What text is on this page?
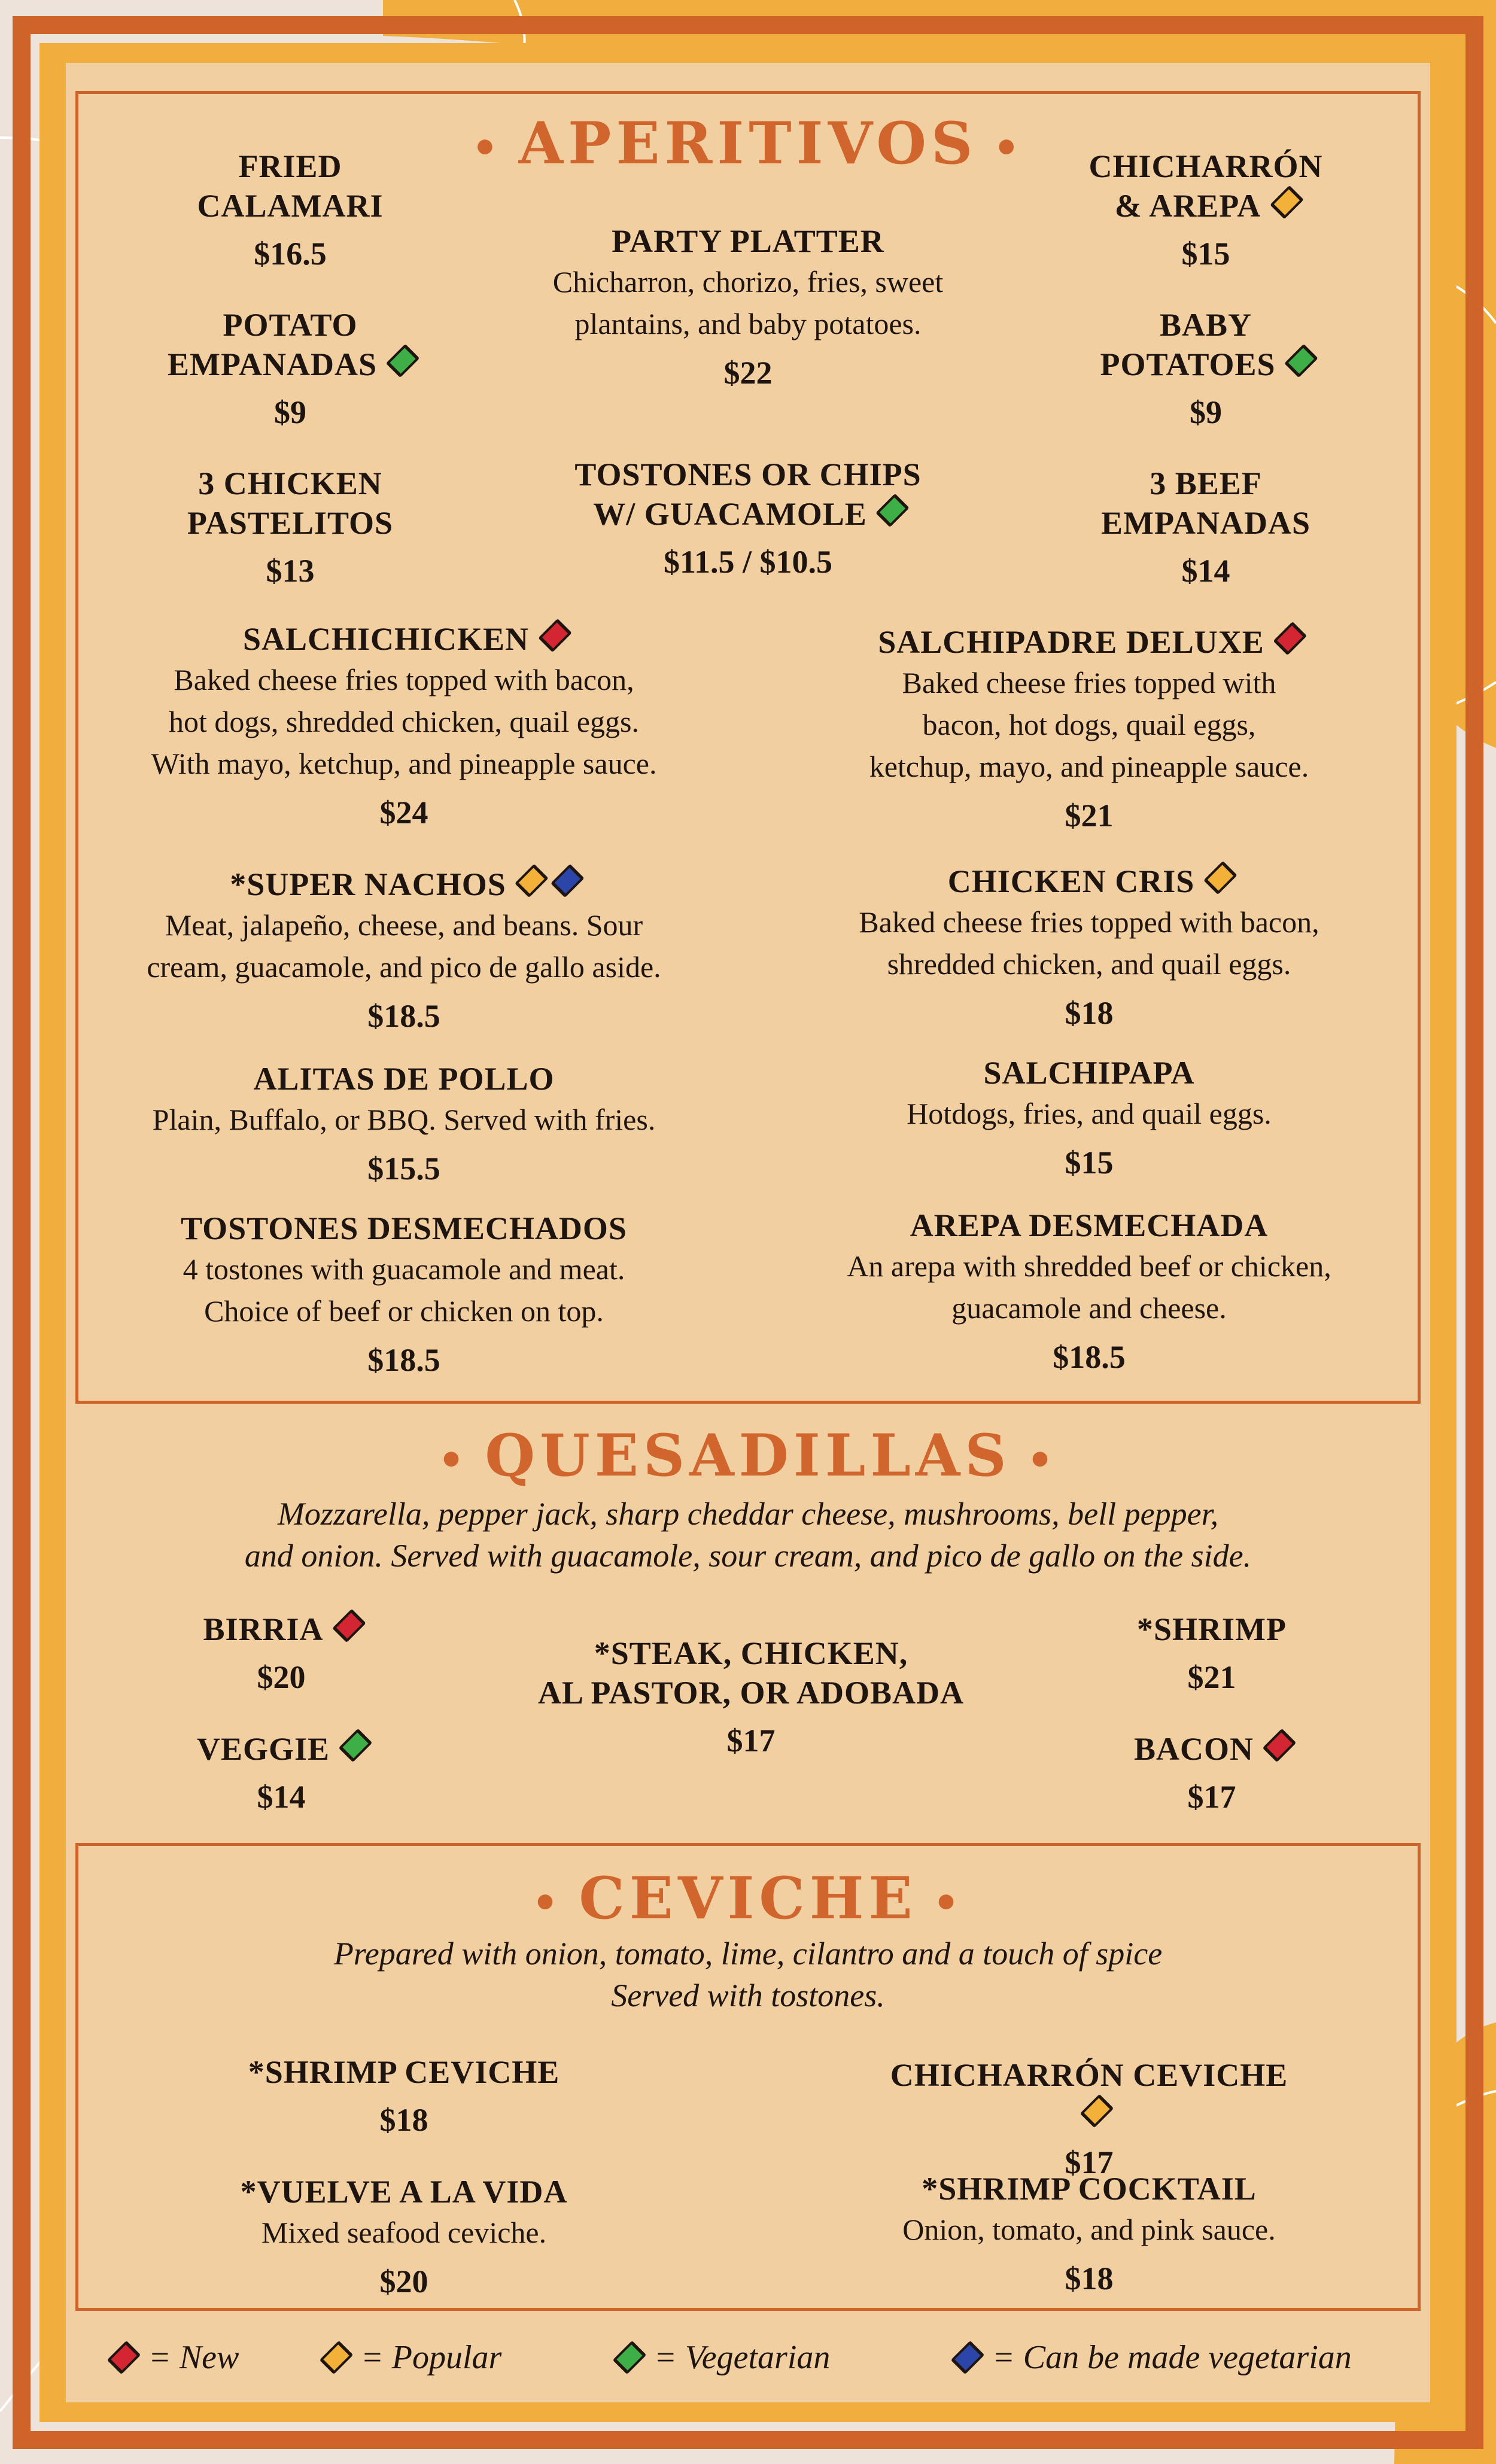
• APERITIVOS •
• QUESADILLAS •
Mozzarella, pepper jack, sharp cheddar cheese, mushrooms, bell pepper,
and onion. Served with guacamole, sour cream, and pico de gallo on the side.
• CEVICHE •
Prepared with onion, tomato, lime, cilantro and a touch of spice
Served with tostones.
FRIED
CALAMARI
$16.5	PARTY PLATTER
Chicharron, chorizo, fries, sweet
plantains, and baby potatoes.
$22
CHICHARRÓN
& AREPA
$15
POTATO
EMPANADAS
$9
BABY
POTATOES
$9
3 CHICKEN
PASTELITOS
$13
TOSTONES OR CHIPS
W/ GUACAMOLE
$11.5 / $10.5
3 BEEF
EMPANADAS
$14
SALCHICHICKEN
Baked cheese fries topped with bacon,
hot dogs, shredded chicken, quail eggs.
With mayo, ketchup, and pineapple sauce.
$24
SALCHIPADRE DELUXE
Baked cheese fries topped with
bacon, hot dogs, quail eggs,
ketchup, mayo, and pineapple sauce.
$21
*SUPER NACHOS
Meat, jalapeño, cheese, and beans. Sour
cream, guacamole, and pico de gallo aside.
$18.5
CHICKEN CRIS
Baked cheese fries topped with bacon,
shredded chicken, and quail eggs.
$18
ALITAS DE POLLO
Plain, Buffalo, or BBQ. Served with fries.
$15.5
SALCHIPAPA
Hotdogs, fries, and quail eggs.
$15
TOSTONES DESMECHADOS
4 tostones with guacamole and meat.
Choice of beef or chicken on top.
$18.5
AREPA DESMECHADA
An arepa with shredded beef or chicken,
guacamole and cheese.
$18.5
BIRRIA
$20
*STEAK, CHICKEN,
AL PASTOR, OR ADOBADA
$17
*SHRIMP
$21
VEGGIE
$14
BACON
$17
*SHRIMP CEVICHE
$18
CHICHARRÓN CEVICHE
$17
*VUELVE A LA VIDA
Mixed seafood ceviche.
$20
*SHRIMP COCKTAIL
Onion, tomato, and pink sauce.
$18
= New	= Popular	= Vegetarian	= Can be made vegetarian
